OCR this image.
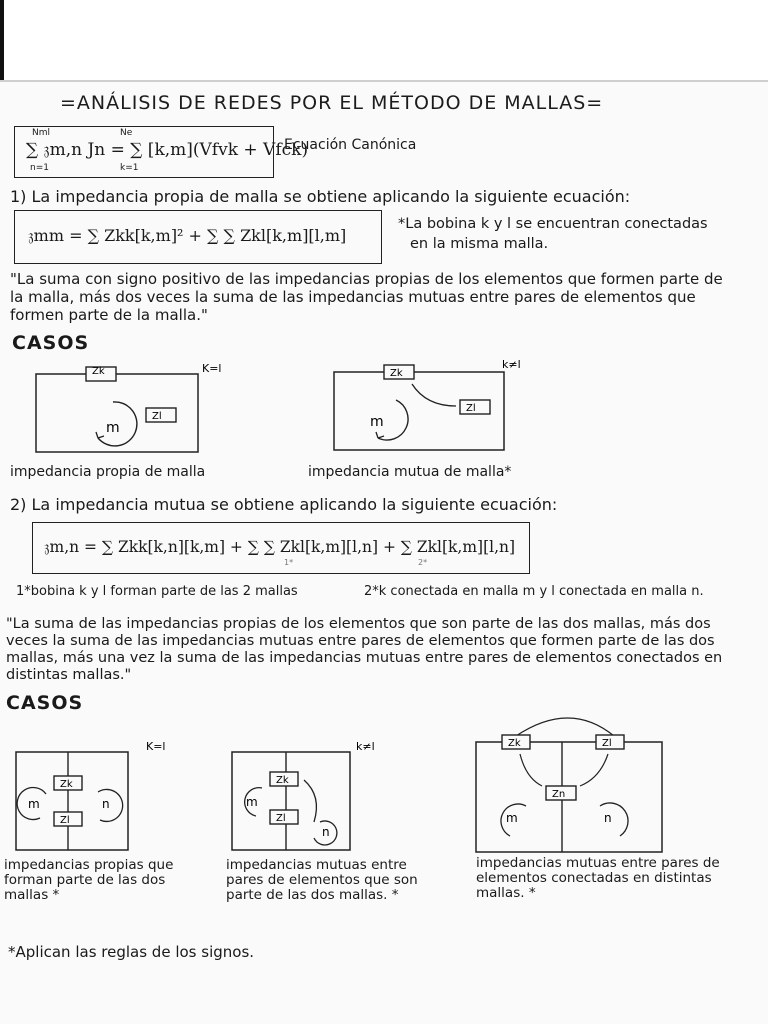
=ANÁLISIS DE REDES POR EL MÉTODO DE MALLAS=
Nml
n=1
Ne
k=1
∑ 𝔷m,n Jn = ∑ [k,m](Vfvk + Vfck)
Ecuación Canónica
1) La impedancia propia de malla se obtiene aplicando la siguiente ecuación:
𝔷mm = ∑ Zkk[k,m]² + ∑ ∑ Zkl[k,m][l,m]
*La bobina k y l se encuentran conectadas
en la misma malla.
"La suma con signo positivo de las impedancias propias de los elementos que formen parte de la malla, más dos veces la suma de las impedancias mutuas entre pares de elementos que formen parte de la malla."
CASOS
Zk
Zl
m
K=l
impedancia propia de malla
Zk
Zl
m
k≠l
impedancia mutua de malla*
2) La impedancia mutua se obtiene aplicando la siguiente ecuación:
𝔷m,n = ∑ Zkk[k,n][k,m] + ∑ ∑ Zkl[k,m][l,n] + ∑ Zkl[k,m][l,n]
1*	2*
1*bobina k y l forman parte de las 2 mallas	2*k conectada en malla m y l conectada en malla n.
"La suma de las impedancias propias de los elementos que son parte de las dos mallas, más dos veces la suma de las impedancias mutuas entre pares de elementos que formen parte de las dos mallas, más una vez la suma de las impedancias mutuas entre pares de elementos conectados en distintas mallas."
CASOS
Zk
Zl
m	n
K=l
impedancias propias que forman parte de las dos mallas *
Zk
Zl
m
n
k≠l
impedancias mutuas entre pares de elementos que son parte de las dos mallas. *
Zk	Zl
Zn
m	n
impedancias mutuas entre pares de elementos conectadas en distintas mallas. *
*Aplican las reglas de los signos.
